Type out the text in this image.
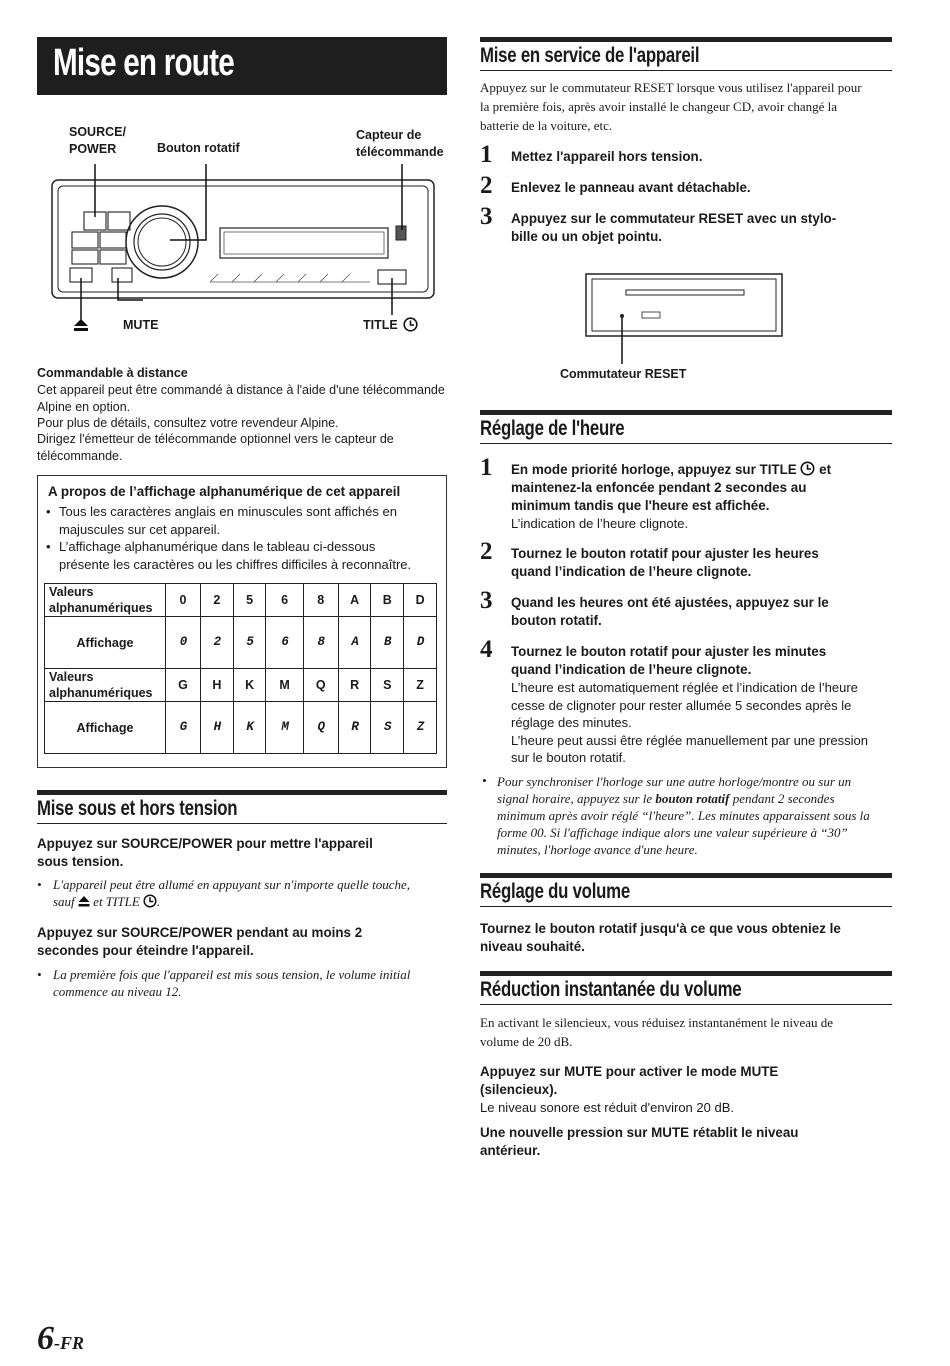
Mise en route
SOURCE/
POWER	Bouton rotatif
Capteur de
télécommande
MUTE	TITLE
Commandable à distance
Cet appareil peut être commandé à distance à l'aide d'une télécommande
Alpine en option.
Pour plus de détails, consultez votre revendeur Alpine.
Dirigez l'émetteur de télécommande optionnel vers le capteur de
télécommande.
A propos de l’affichage alphanumérique de cet appareil
• Tous les caractères anglais en minuscules sont affichés en
majuscules sur cet appareil.
• L’affichage alphanumérique dans le tableau ci-dessous
présente les caractères ou les chiffres difficiles à reconnaître.
Valeurs
alphanumériques	0	2	5	6	8	A	B	D
Affichage	0	2	5	6	8	A	B	D
Valeurs
alphanumériques	G	H	K	M	Q	R	S	Z
Affichage	G	H	K	M	Q	R	S	Z
Mise sous et hors tension
Appuyez sur SOURCE/POWER pour mettre l'appareil
sous tension.
• L'appareil peut être allumé en appuyant sur n'importe quelle touche,
sauf et TITLE .
Appuyez sur SOURCE/POWER pendant au moins 2
secondes pour éteindre l'appareil.
• La première fois que l'appareil est mis sous tension, le volume initial
commence au niveau 12.
Mise en service de l'appareil
Appuyez sur le commutateur RESET lorsque vous utilisez l'appareil pour
la première fois, après avoir installé le changeur CD, avoir changé la
batterie de la voiture, etc.
1 Mettez l'appareil hors tension.
2 Enlevez le panneau avant détachable.
3 Appuyez sur le commutateur RESET avec un stylo-
bille ou un objet pointu.
Commutateur RESET
Réglage de l'heure
1 En mode priorité horloge, appuyez sur TITLE  et
maintenez-la enfoncée pendant 2 secondes au
minimum tandis que l'heure est affichée.
L’indication de l’heure clignote.
2 Tournez le bouton rotatif pour ajuster les heures
quand l’indication de l’heure clignote.
3 Quand les heures ont été ajustées, appuyez sur le
bouton rotatif.
4 Tournez le bouton rotatif pour ajuster les minutes
quand l’indication de l’heure clignote.
L’heure est automatiquement réglée et l’indication de l’heure
cesse de clignoter pour rester allumée 5 secondes après le
réglage des minutes.
L’heure peut aussi être réglée manuellement par une pression
sur le bouton rotatif.
• Pour synchroniser l'horloge sur une autre horloge/montre ou sur un
signal horaire, appuyez sur le bouton rotatif pendant 2 secondes
minimum après avoir réglé “l'heure”. Les minutes apparaissent sous la
forme 00. Si l'affichage indique alors une valeur supérieure à “30”
minutes, l'horloge avance d'une heure.
Réglage du volume
Tournez le bouton rotatif jusqu'à ce que vous obteniez le
niveau souhaité.
Réduction instantanée du volume
En activant le silencieux, vous réduisez instantanément le niveau de
volume de 20 dB.
Appuyez sur MUTE pour activer le mode MUTE
(silencieux).
Le niveau sonore est réduit d'environ 20 dB.
Une nouvelle pression sur MUTE rétablit le niveau
antérieur.
6-FR
